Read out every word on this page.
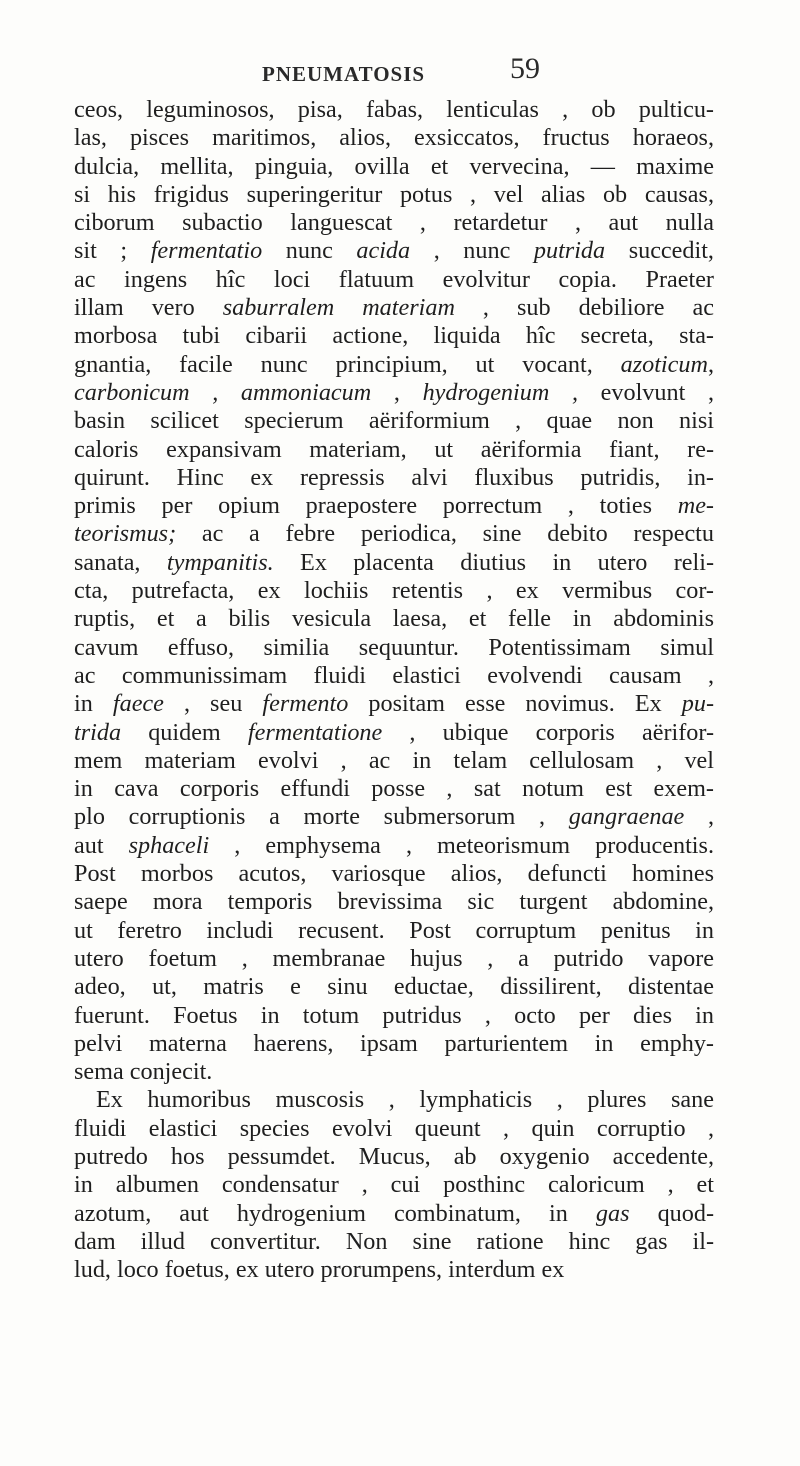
PNEUMATOSIS	59
ceos, leguminosos, pisa, fabas, lenticulas , ob pulticu-
las, pisces maritimos, alios, exsiccatos, fructus horaeos,
dulcia, mellita, pinguia, ovilla et vervecina, — maxime
si his frigidus superingeritur potus , vel alias ob causas,
ciborum subactio languescat , retardetur , aut nulla
sit ; fermentatio nunc acida , nunc putrida succedit,
ac ingens hîc loci flatuum evolvitur copia. Praeter
illam vero saburralem materiam , sub debiliore ac
morbosa tubi cibarii actione, liquida hîc secreta, sta-
gnantia, facile nunc principium, ut vocant, azoticum,
carbonicum , ammoniacum , hydrogenium , evolvunt ,
basin scilicet specierum aëriformium , quae non nisi
caloris expansivam materiam, ut aëriformia fiant, re-
quirunt. Hinc ex repressis alvi fluxibus putridis, in-
primis per opium praepostere porrectum , toties me-
teorismus; ac a febre periodica, sine debito respectu
sanata, tympanitis. Ex placenta diutius in utero reli-
cta, putrefacta, ex lochiis retentis , ex vermibus cor-
ruptis, et a bilis vesicula laesa, et felle in abdominis
cavum effuso, similia sequuntur. Potentissimam simul
ac communissimam fluidi elastici evolvendi causam ,
in faece , seu fermento positam esse novimus. Ex pu-
trida quidem fermentatione , ubique corporis aërifor-
mem materiam evolvi , ac in telam cellulosam , vel
in cava corporis effundi posse , sat notum est exem-
plo corruptionis a morte submersorum , gangraenae ,
aut sphaceli , emphysema , meteorismum producentis.
Post morbos acutos, variosque alios, defuncti homines
saepe mora temporis brevissima sic turgent abdomine,
ut feretro includi recusent. Post corruptum penitus in
utero foetum , membranae hujus , a putrido vapore
adeo, ut, matris e sinu eductae, dissilirent, distentae
fuerunt. Foetus in totum putridus , octo per dies in
pelvi materna haerens, ipsam parturientem in emphy-
sema conjecit.
Ex humoribus muscosis , lymphaticis , plures sane
fluidi elastici species evolvi queunt , quin corruptio ,
putredo hos pessumdet. Mucus, ab oxygenio accedente,
in albumen condensatur , cui posthinc caloricum , et
azotum, aut hydrogenium combinatum, in gas quod-
dam illud convertitur. Non sine ratione hinc gas il-
lud, loco foetus, ex utero prorumpens, interdum ex
